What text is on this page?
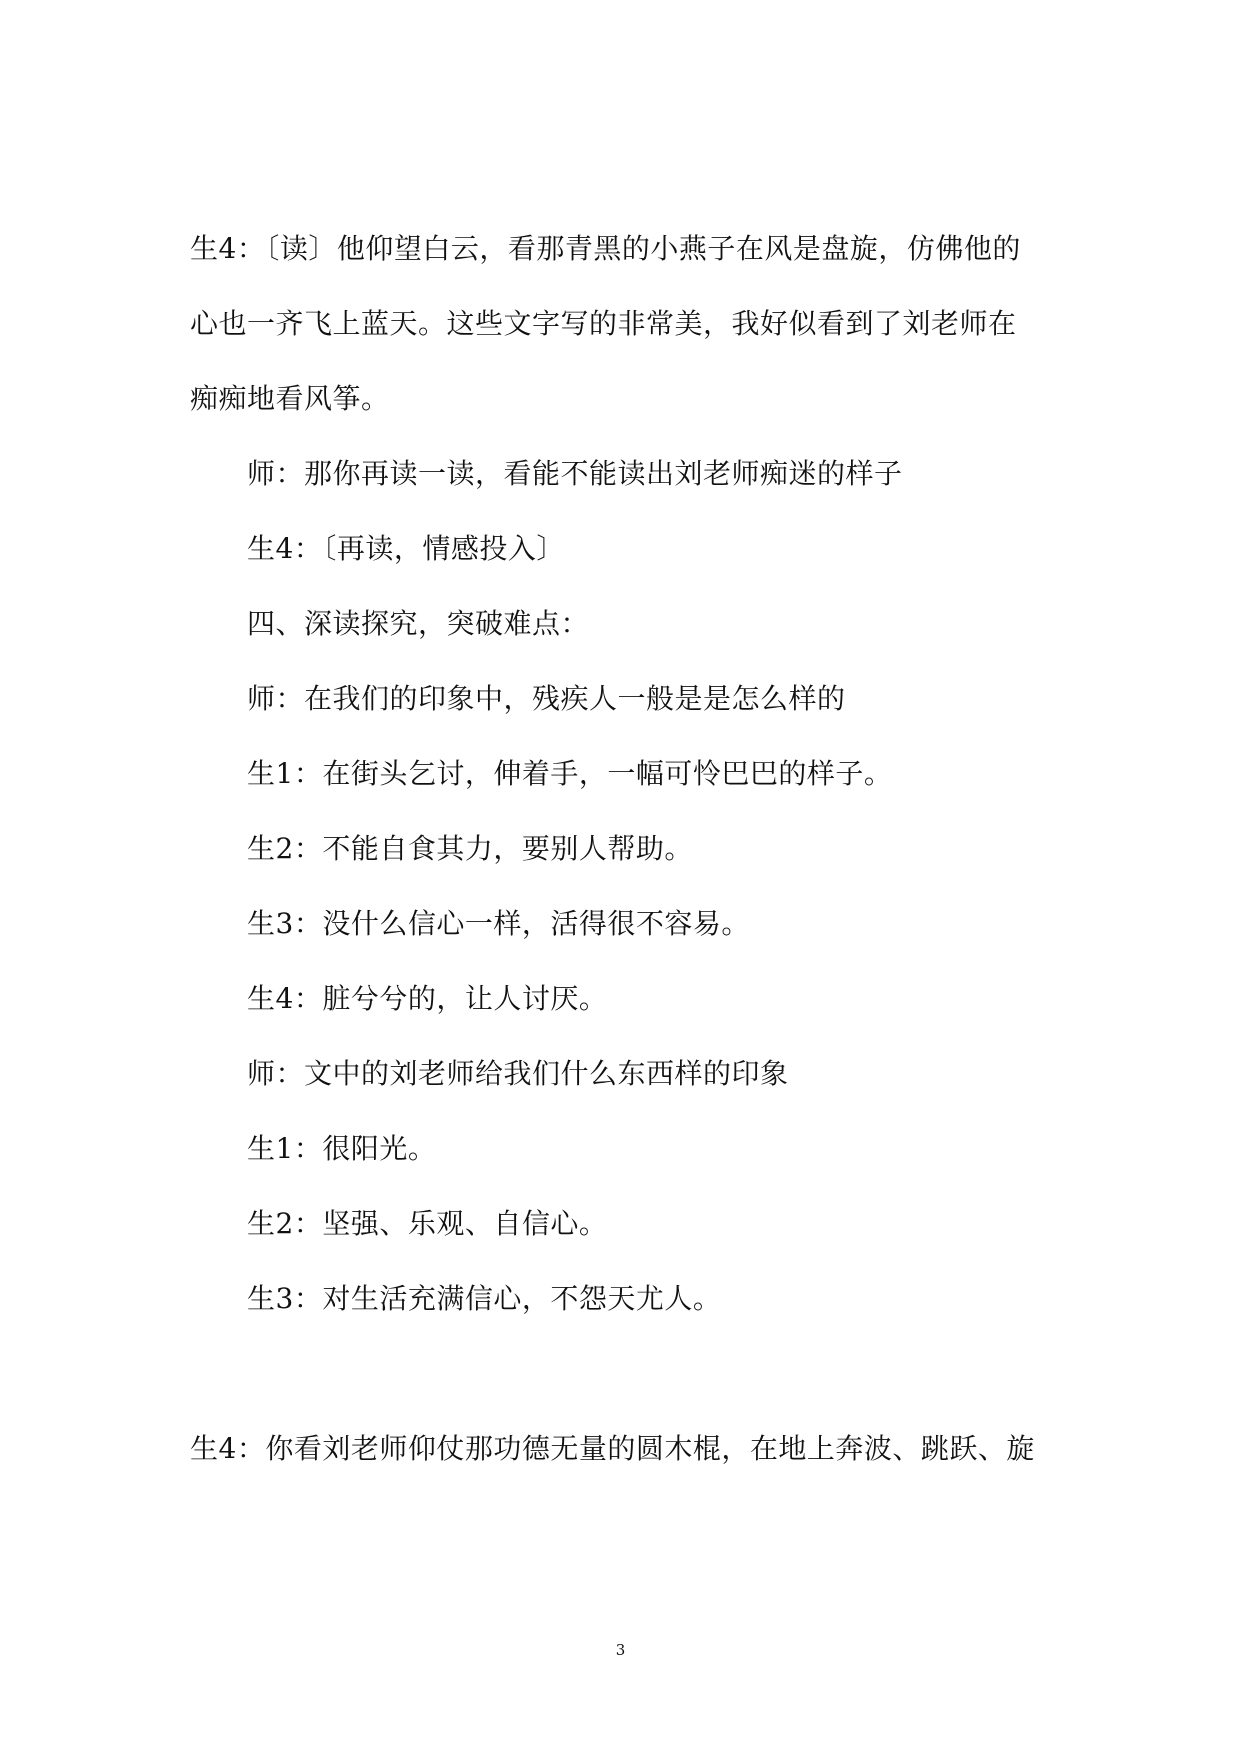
生4：〔读〕他仰望白云，看那青黑的小燕子在风是盘旋，仿佛他的
心也一齐飞上蓝天。这些文字写的非常美，我好似看到了刘老师在
痴痴地看风筝。
师：那你再读一读，看能不能读出刘老师痴迷的样子
生4：〔再读，情感投入〕
四、深读探究，突破难点：
师：在我们的印象中，残疾人一般是是怎么样的
生1：在街头乞讨，伸着手，一幅可怜巴巴的样子。
生2：不能自食其力，要别人帮助。
生3：没什么信心一样，活得很不容易。
生4：脏兮兮的，让人讨厌。
师：文中的刘老师给我们什么东西样的印象
生1：很阳光。
生2：坚强、乐观、自信心。
生3：对生活充满信心，不怨天尤人。
生4：你看刘老师仰仗那功德无量的圆木棍，在地上奔波、跳跃、旋
3
